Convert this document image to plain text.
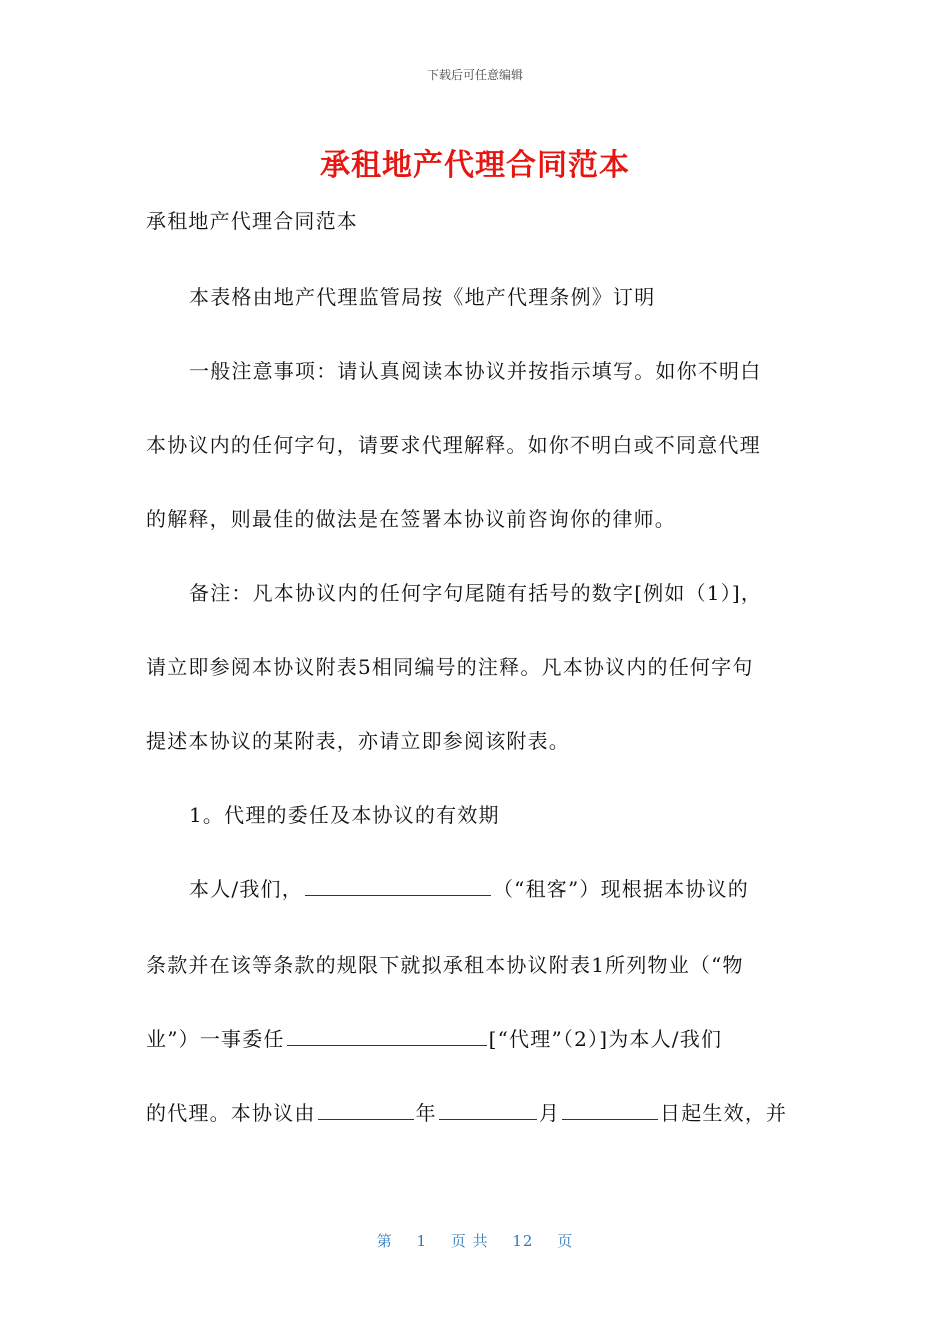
下载后可任意编辑
承租地产代理合同范本
承租地产代理合同范本
本表格由地产代理监管局按《地产代理条例》订明
一般注意事项：请认真阅读本协议并按指示填写。如你不明白
本协议内的任何字句，请要求代理解释。如你不明白或不同意代理
的解释，则最佳的做法是在签署本协议前咨询你的律师。
备注：凡本协议内的任何字句尾随有括号的数字[例如（1）]，
请立即参阅本协议附表5相同编号的注释。凡本协议内的任何字句
提述本协议的某附表，亦请立即参阅该附表。
1。代理的委任及本协议的有效期
本人/我们，	（“租客”）现根据本协议的
条款并在该等条款的规限下就拟承租本协议附表1所列物业（“物
业”）一事委任	[“代理”（2）]为本人/我们
的代理。本协议由	年	月	日起生效，并
第 1 页 共 12 页
